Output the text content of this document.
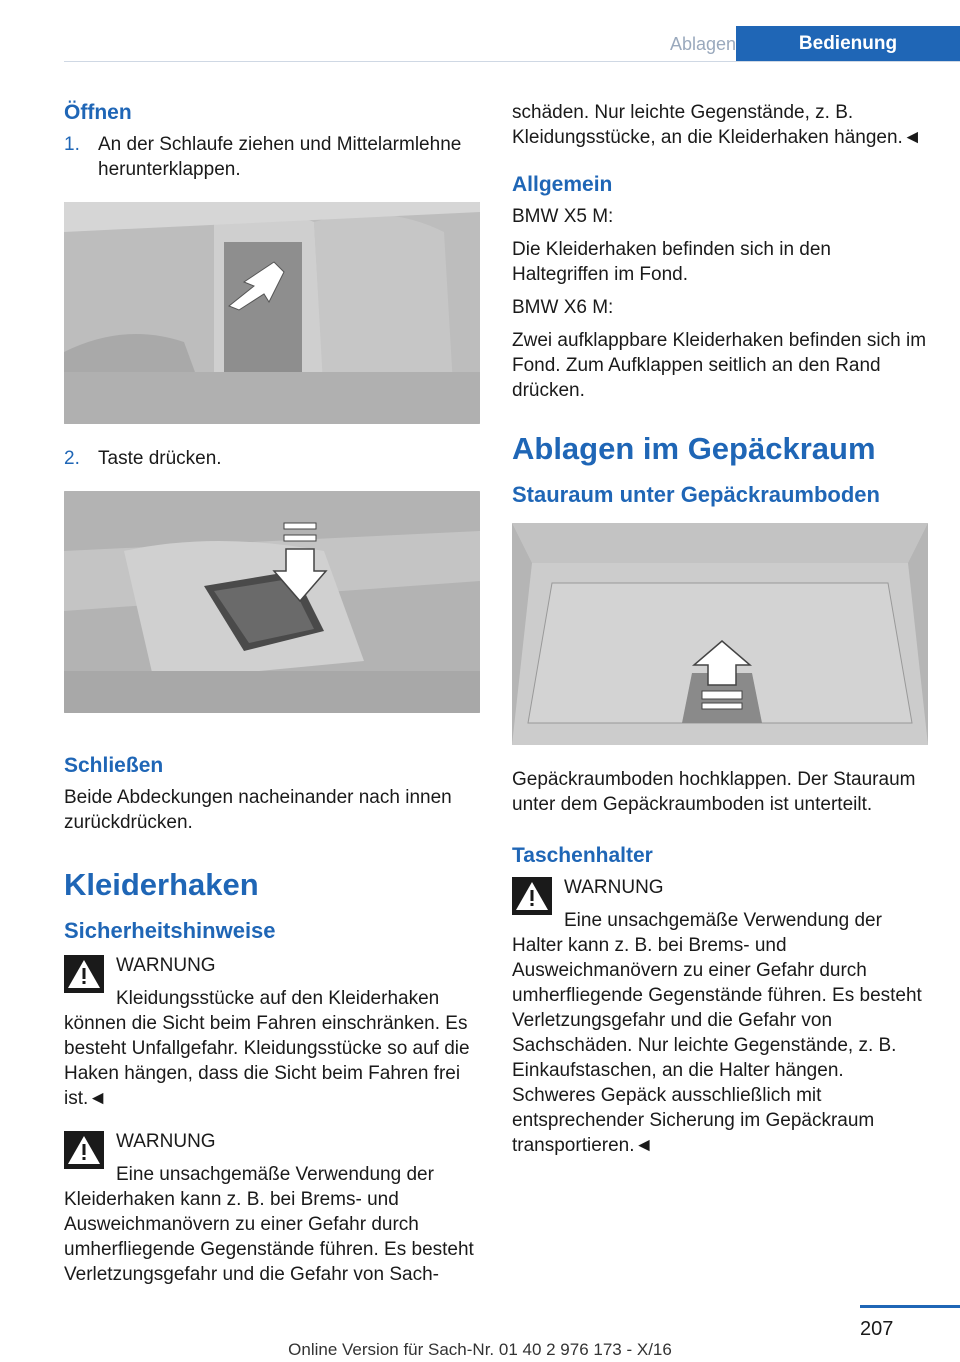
Ablagen	Bedienung
Öffnen
1. An der Schlaufe ziehen und Mittelarmlehne herunterklappen.
2. Taste drücken.
Schließen

Beide Abdeckungen nacheinander nach innen zurückdrücken.

Kleiderhaken
Sicherheitshinweise

WARNUNG

Kleidungsstücke auf den Kleiderhaken

können die Sicht beim Fahren einschränken. Es besteht Unfallgefahr. Kleidungsstücke so auf die Haken hängen, dass die Sicht beim Fahren frei ist.◄

WARNUNG

Eine unsachgemäße Verwendung der

Kleiderhaken kann z. B. bei Brems- und Ausweichmanövern zu einer Gefahr durch umherfliegende Gegenstände führen. Es besteht Verletzungsgefahr und die Gefahr von Sach-

schäden. Nur leichte Gegenstände, z. B. Kleidungsstücke, an die Kleiderhaken hängen.◄

Allgemein

BMW X5 M:

Die Kleiderhaken befinden sich in den Haltegriffen im Fond.

BMW X6 M:

Zwei aufklappbare Kleiderhaken befinden sich im Fond. Zum Aufklappen seitlich an den Rand drücken.

Ablagen im Gepäckraum
Stauraum unter Gepäckraumboden

Gepäckraumboden hochklappen. Der Stauraum unter dem Gepäckraumboden ist unterteilt.

Taschenhalter

WARNUNG

Eine unsachgemäße Verwendung der

Halter kann z. B. bei Brems- und Ausweichmanövern zu einer Gefahr durch umherfliegende Gegenstände führen. Es besteht Verletzungsgefahr und die Gefahr von Sachschäden. Nur leichte Gegenstände, z. B. Einkaufstaschen, an die Halter hängen. Schweres Gepäck ausschließlich mit entsprechender Sicherung im Gepäckraum transportieren.◄

207
Online Version für Sach-Nr. 01 40 2 976 173 - X/16
